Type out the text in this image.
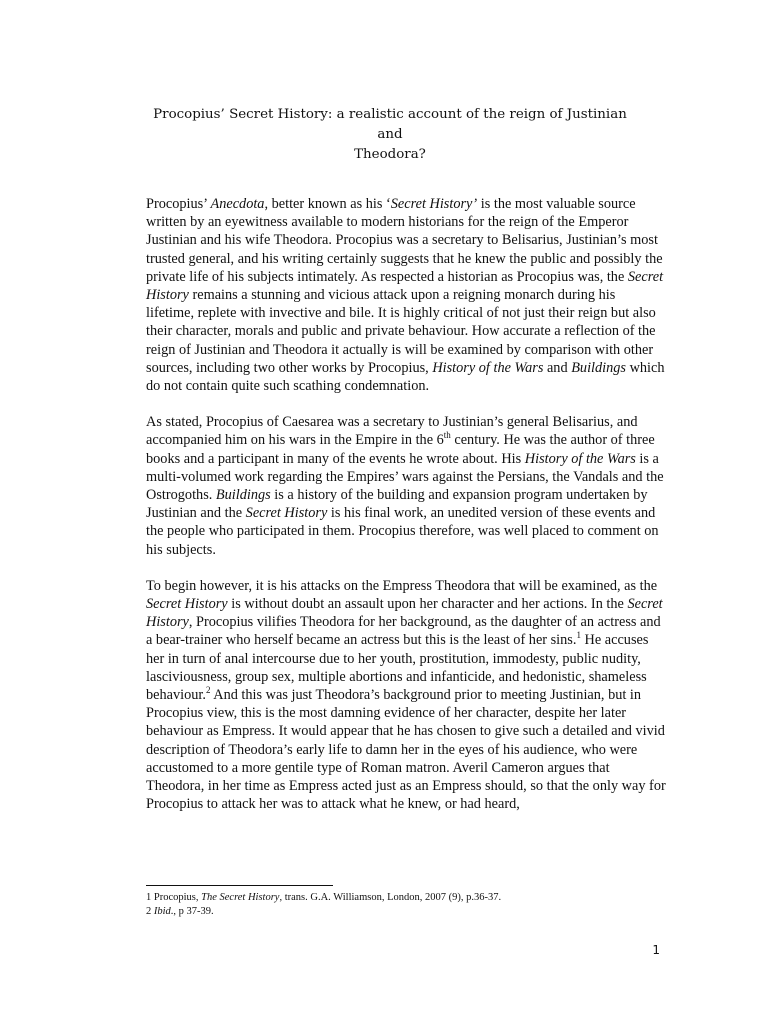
Procopius’ Secret History: a realistic account of the reign of Justinian and
Theodora?

Procopius’ Anecdota, better known as his ‘Secret History’ is the most valuable source written by an eyewitness available to modern historians for the reign of the Emperor Justinian and his wife Theodora. Procopius was a secretary to Belisarius, Justinian’s most trusted general, and his writing certainly suggests that he knew the public and possibly the private life of his subjects intimately. As respected a historian as Procopius was, the Secret History remains a stunning and vicious attack upon a reigning monarch during his lifetime, replete with invective and bile. It is highly critical of not just their reign but also their character, morals and public and private behaviour. How accurate a reflection of the reign of Justinian and Theodora it actually is will be examined by comparison with other sources, including two other works by Procopius, History of the Wars and Buildings which do not contain quite such scathing condemnation.

As stated, Procopius of Caesarea was a secretary to Justinian’s general Belisarius, and accompanied him on his wars in the Empire in the 6th century. He was the author of three books and a participant in many of the events he wrote about. His History of the Wars is a multi-volumed work regarding the Empires’ wars against the Persians, the Vandals and the Ostrogoths. Buildings is a history of the building and expansion program undertaken by Justinian and the Secret History is his final work, an unedited version of these events and the people who participated in them. Procopius therefore, was well placed to comment on his subjects.

To begin however, it is his attacks on the Empress Theodora that will be examined, as the Secret History is without doubt an assault upon her character and her actions. In the Secret History, Procopius vilifies Theodora for her background, as the daughter of an actress and a bear-trainer who herself became an actress but this is the least of her sins.$^1$ He accuses her in turn of anal intercourse due to her youth, prostitution, immodesty, public nudity, lasciviousness, group sex, multiple abortions and infanticide, and hedonistic, shameless behaviour.$^2$ And this was just Theodora’s background prior to meeting Justinian, but in Procopius view, this is the most damning evidence of her character, despite her later behaviour as Empress. It would appear that he has chosen to give such a detailed and vivid description of Theodora’s early life to damn her in the eyes of his audience, who were accustomed to a more gentile type of Roman matron. Averil Cameron argues that Theodora, in her time as Empress acted just as an Empress should, so that the only way for Procopius to attack her was to attack what he knew, or had heard,

1 Procopius, The Secret History, trans. G.A. Williamson, London, 2007 (9), p.36-37.
2 Ibid., p 37-39.
1
